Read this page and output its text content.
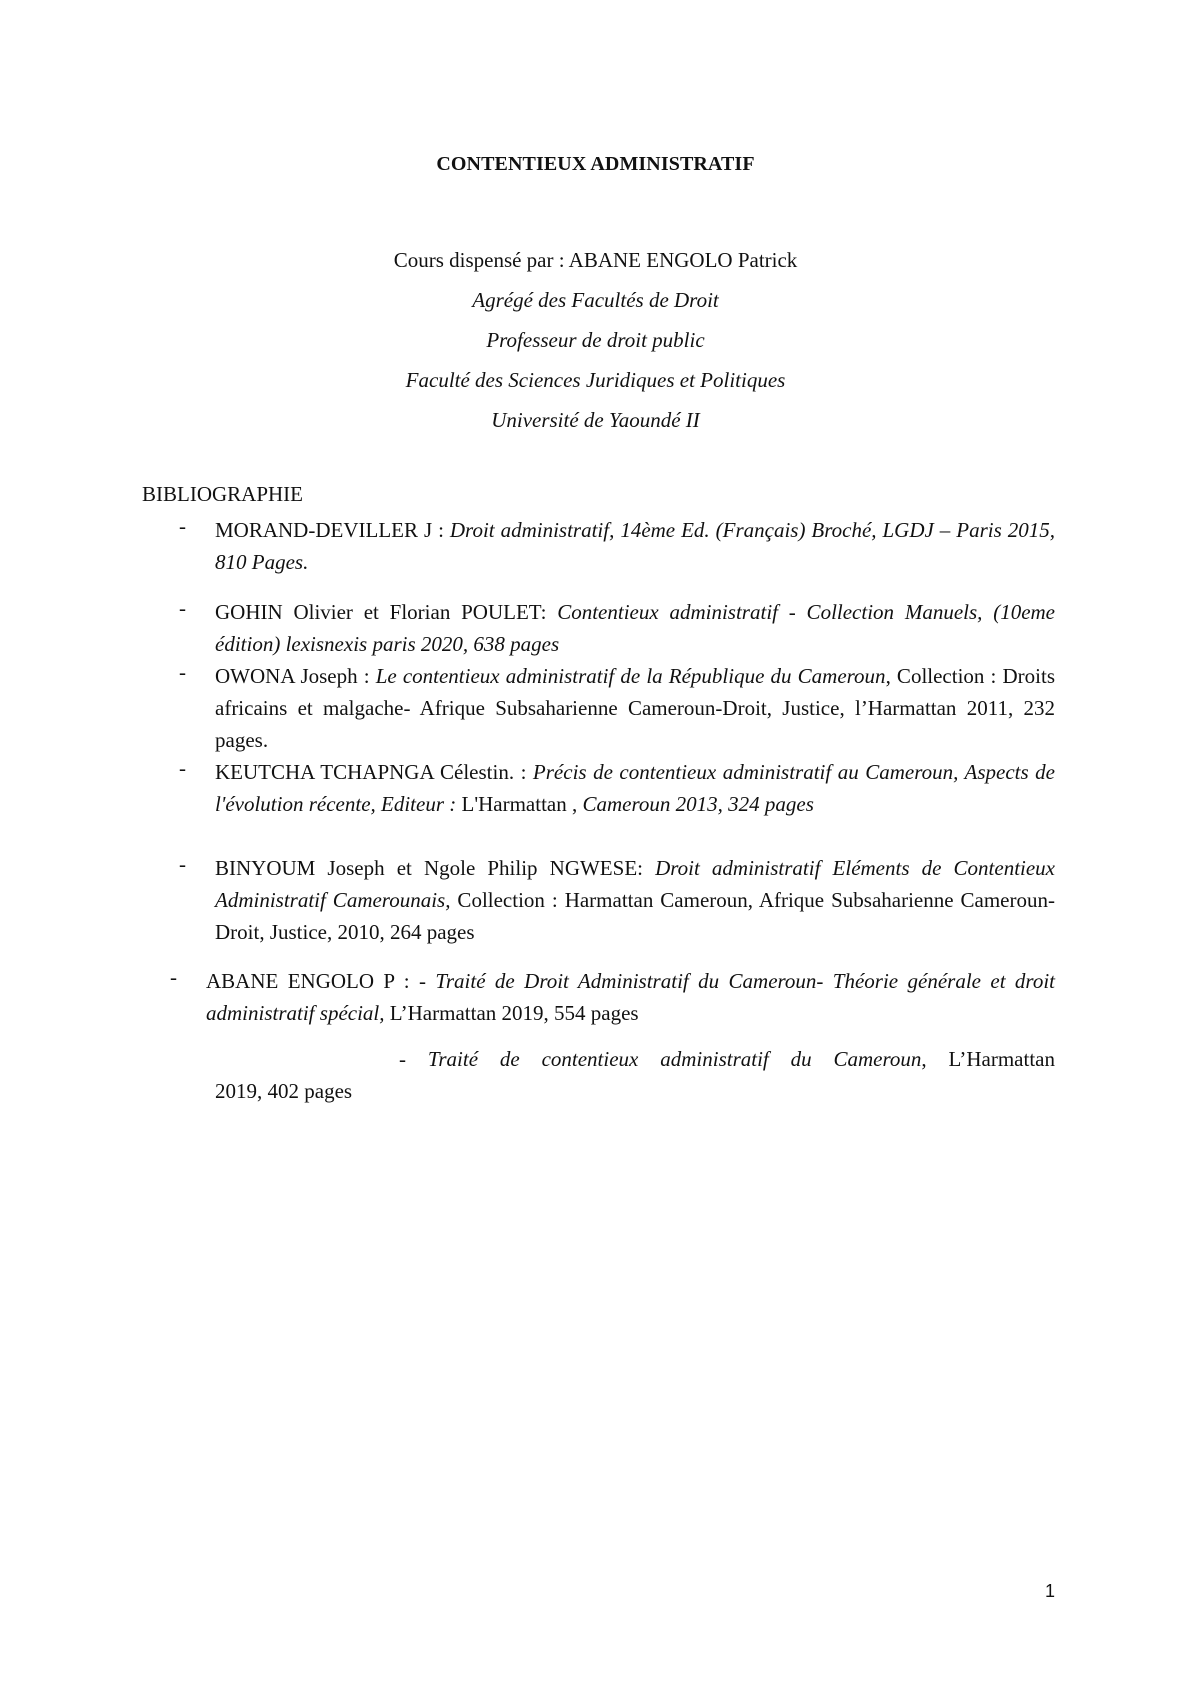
CONTENTIEUX ADMINISTRATIF
Cours dispensé par : ABANE ENGOLO Patrick
Agrégé des Facultés de Droit
Professeur de droit public
Faculté des Sciences Juridiques et Politiques
Université de Yaoundé II
BIBLIOGRAPHIE
- MORAND-DEVILLER J : Droit administratif, 14ème Ed. (Français) Broché, LGDJ – Paris 2015, 810 Pages.
- GOHIN Olivier et Florian POULET: Contentieux administratif - Collection Manuels, (10eme édition) lexisnexis paris 2020, 638 pages
- OWONA Joseph : Le contentieux administratif de la République du Cameroun, Collection : Droits africains et malgache- Afrique Subsaharienne Cameroun-Droit, Justice, l’Harmattan 2011, 232 pages.
- KEUTCHA TCHAPNGA Célestin. : Précis de contentieux administratif au Cameroun, Aspects de l'évolution récente, Editeur : L'Harmattan , Cameroun 2013, 324 pages
- BINYOUM Joseph et Ngole Philip NGWESE: Droit administratif Eléments de Contentieux Administratif Camerounais, Collection : Harmattan Cameroun, Afrique Subsaharienne Cameroun- Droit, Justice, 2010, 264 pages
- ABANE ENGOLO P : - Traité de Droit Administratif du Cameroun- Théorie générale et droit administratif spécial, L’Harmattan 2019, 554 pages
- Traité de contentieux administratif du Cameroun, L’Harmattan
2019, 402 pages
1
